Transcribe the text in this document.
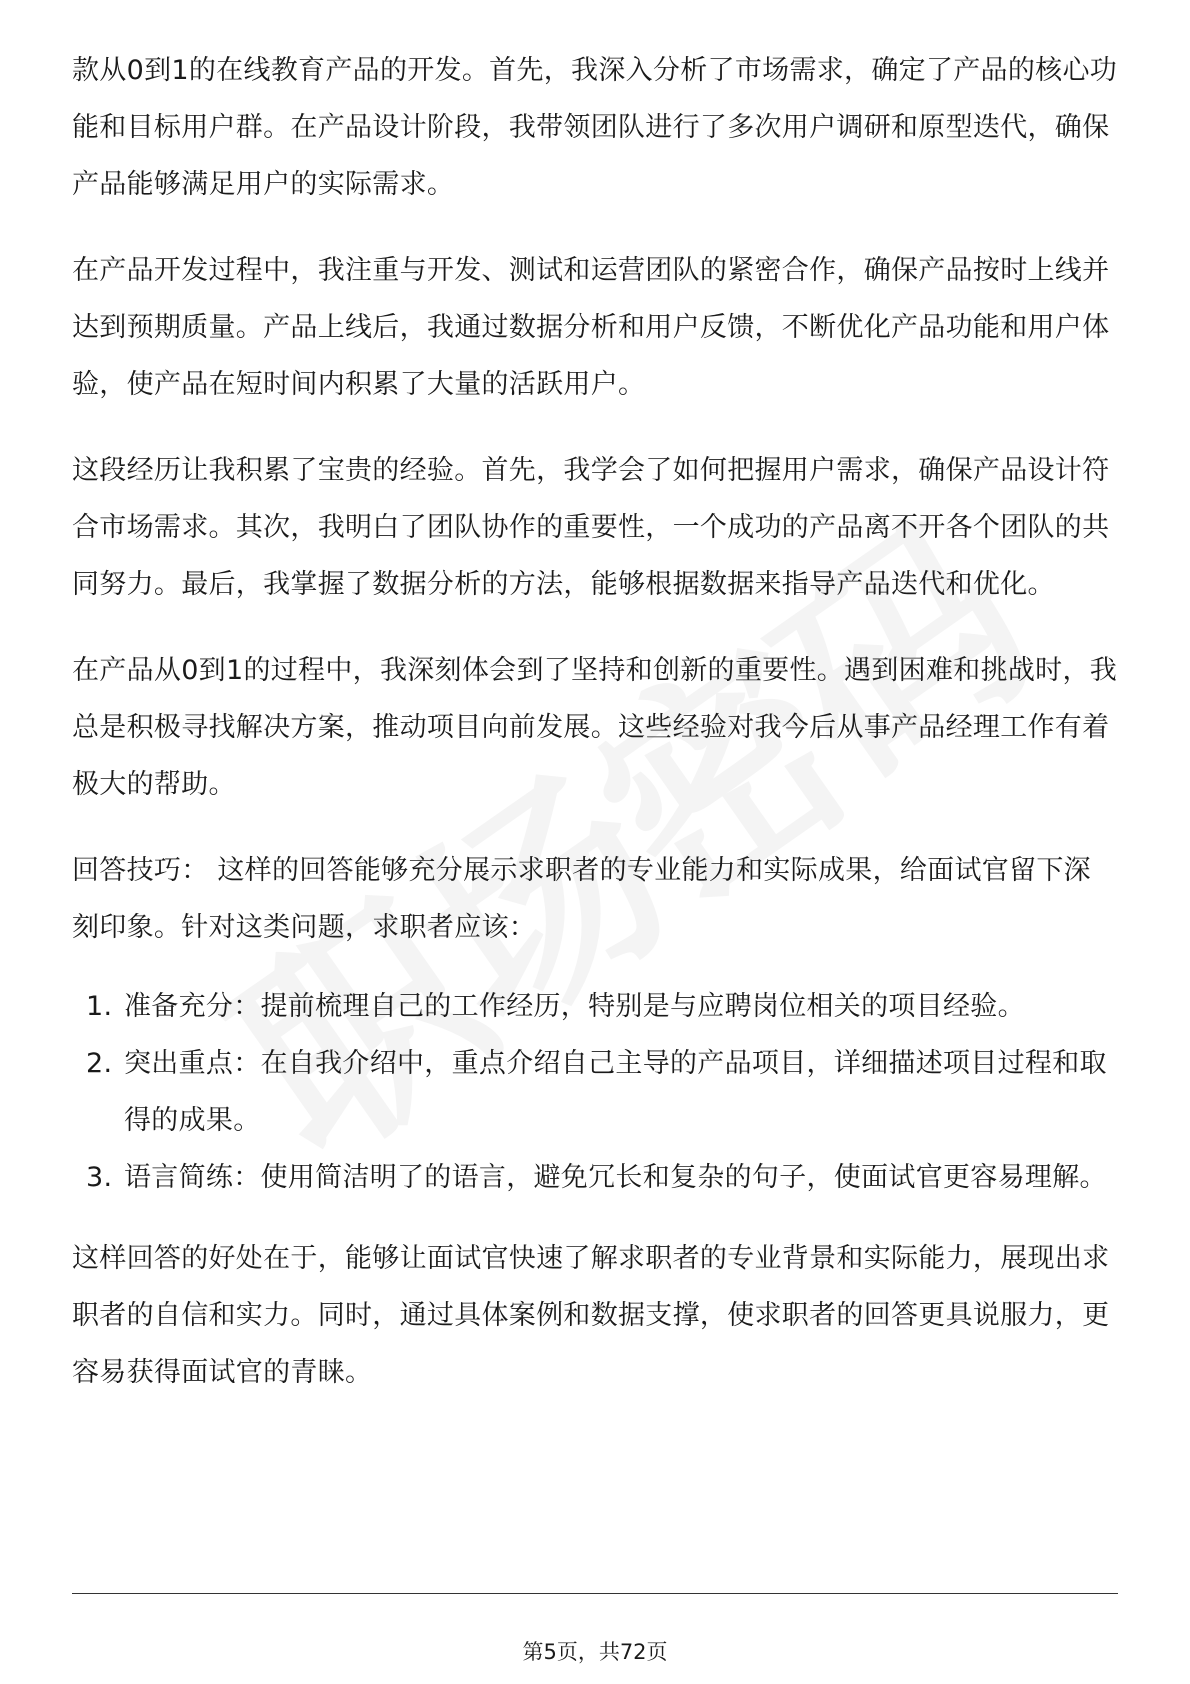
款从0到1的在线教育产品的开发。首先，我深入分析了市场需求，确定了产品的核心功能和目标用户群。在产品设计阶段，我带领团队进行了多次用户调研和原型迭代，确保产品能够满足用户的实际需求。

在产品开发过程中，我注重与开发、测试和运营团队的紧密合作，确保产品按时上线并达到预期质量。产品上线后，我通过数据分析和用户反馈，不断优化产品功能和用户体验，使产品在短时间内积累了大量的活跃用户。

这段经历让我积累了宝贵的经验。首先，我学会了如何把握用户需求，确保产品设计符合市场需求。其次，我明白了团队协作的重要性，一个成功的产品离不开各个团队的共同努力。最后，我掌握了数据分析的方法，能够根据数据来指导产品迭代和优化。

在产品从0到1的过程中，我深刻体会到了坚持和创新的重要性。遇到困难和挑战时，我总是积极寻找解决方案，推动项目向前发展。这些经验对我今后从事产品经理工作有着极大的帮助。

回答技巧： 这样的回答能够充分展示求职者的专业能力和实际成果，给面试官留下深刻印象。针对这类问题，求职者应该：

1. 准备充分：提前梳理自己的工作经历，特别是与应聘岗位相关的项目经验。
2. 突出重点：在自我介绍中，重点介绍自己主导的产品项目，详细描述项目过程和取得的成果。
3. 语言简练：使用简洁明了的语言，避免冗长和复杂的句子，使面试官更容易理解。

这样回答的好处在于，能够让面试官快速了解求职者的专业背景和实际能力，展现出求职者的自信和实力。同时，通过具体案例和数据支撑，使求职者的回答更具说服力，更容易获得面试官的青睐。

第5页，共72页
